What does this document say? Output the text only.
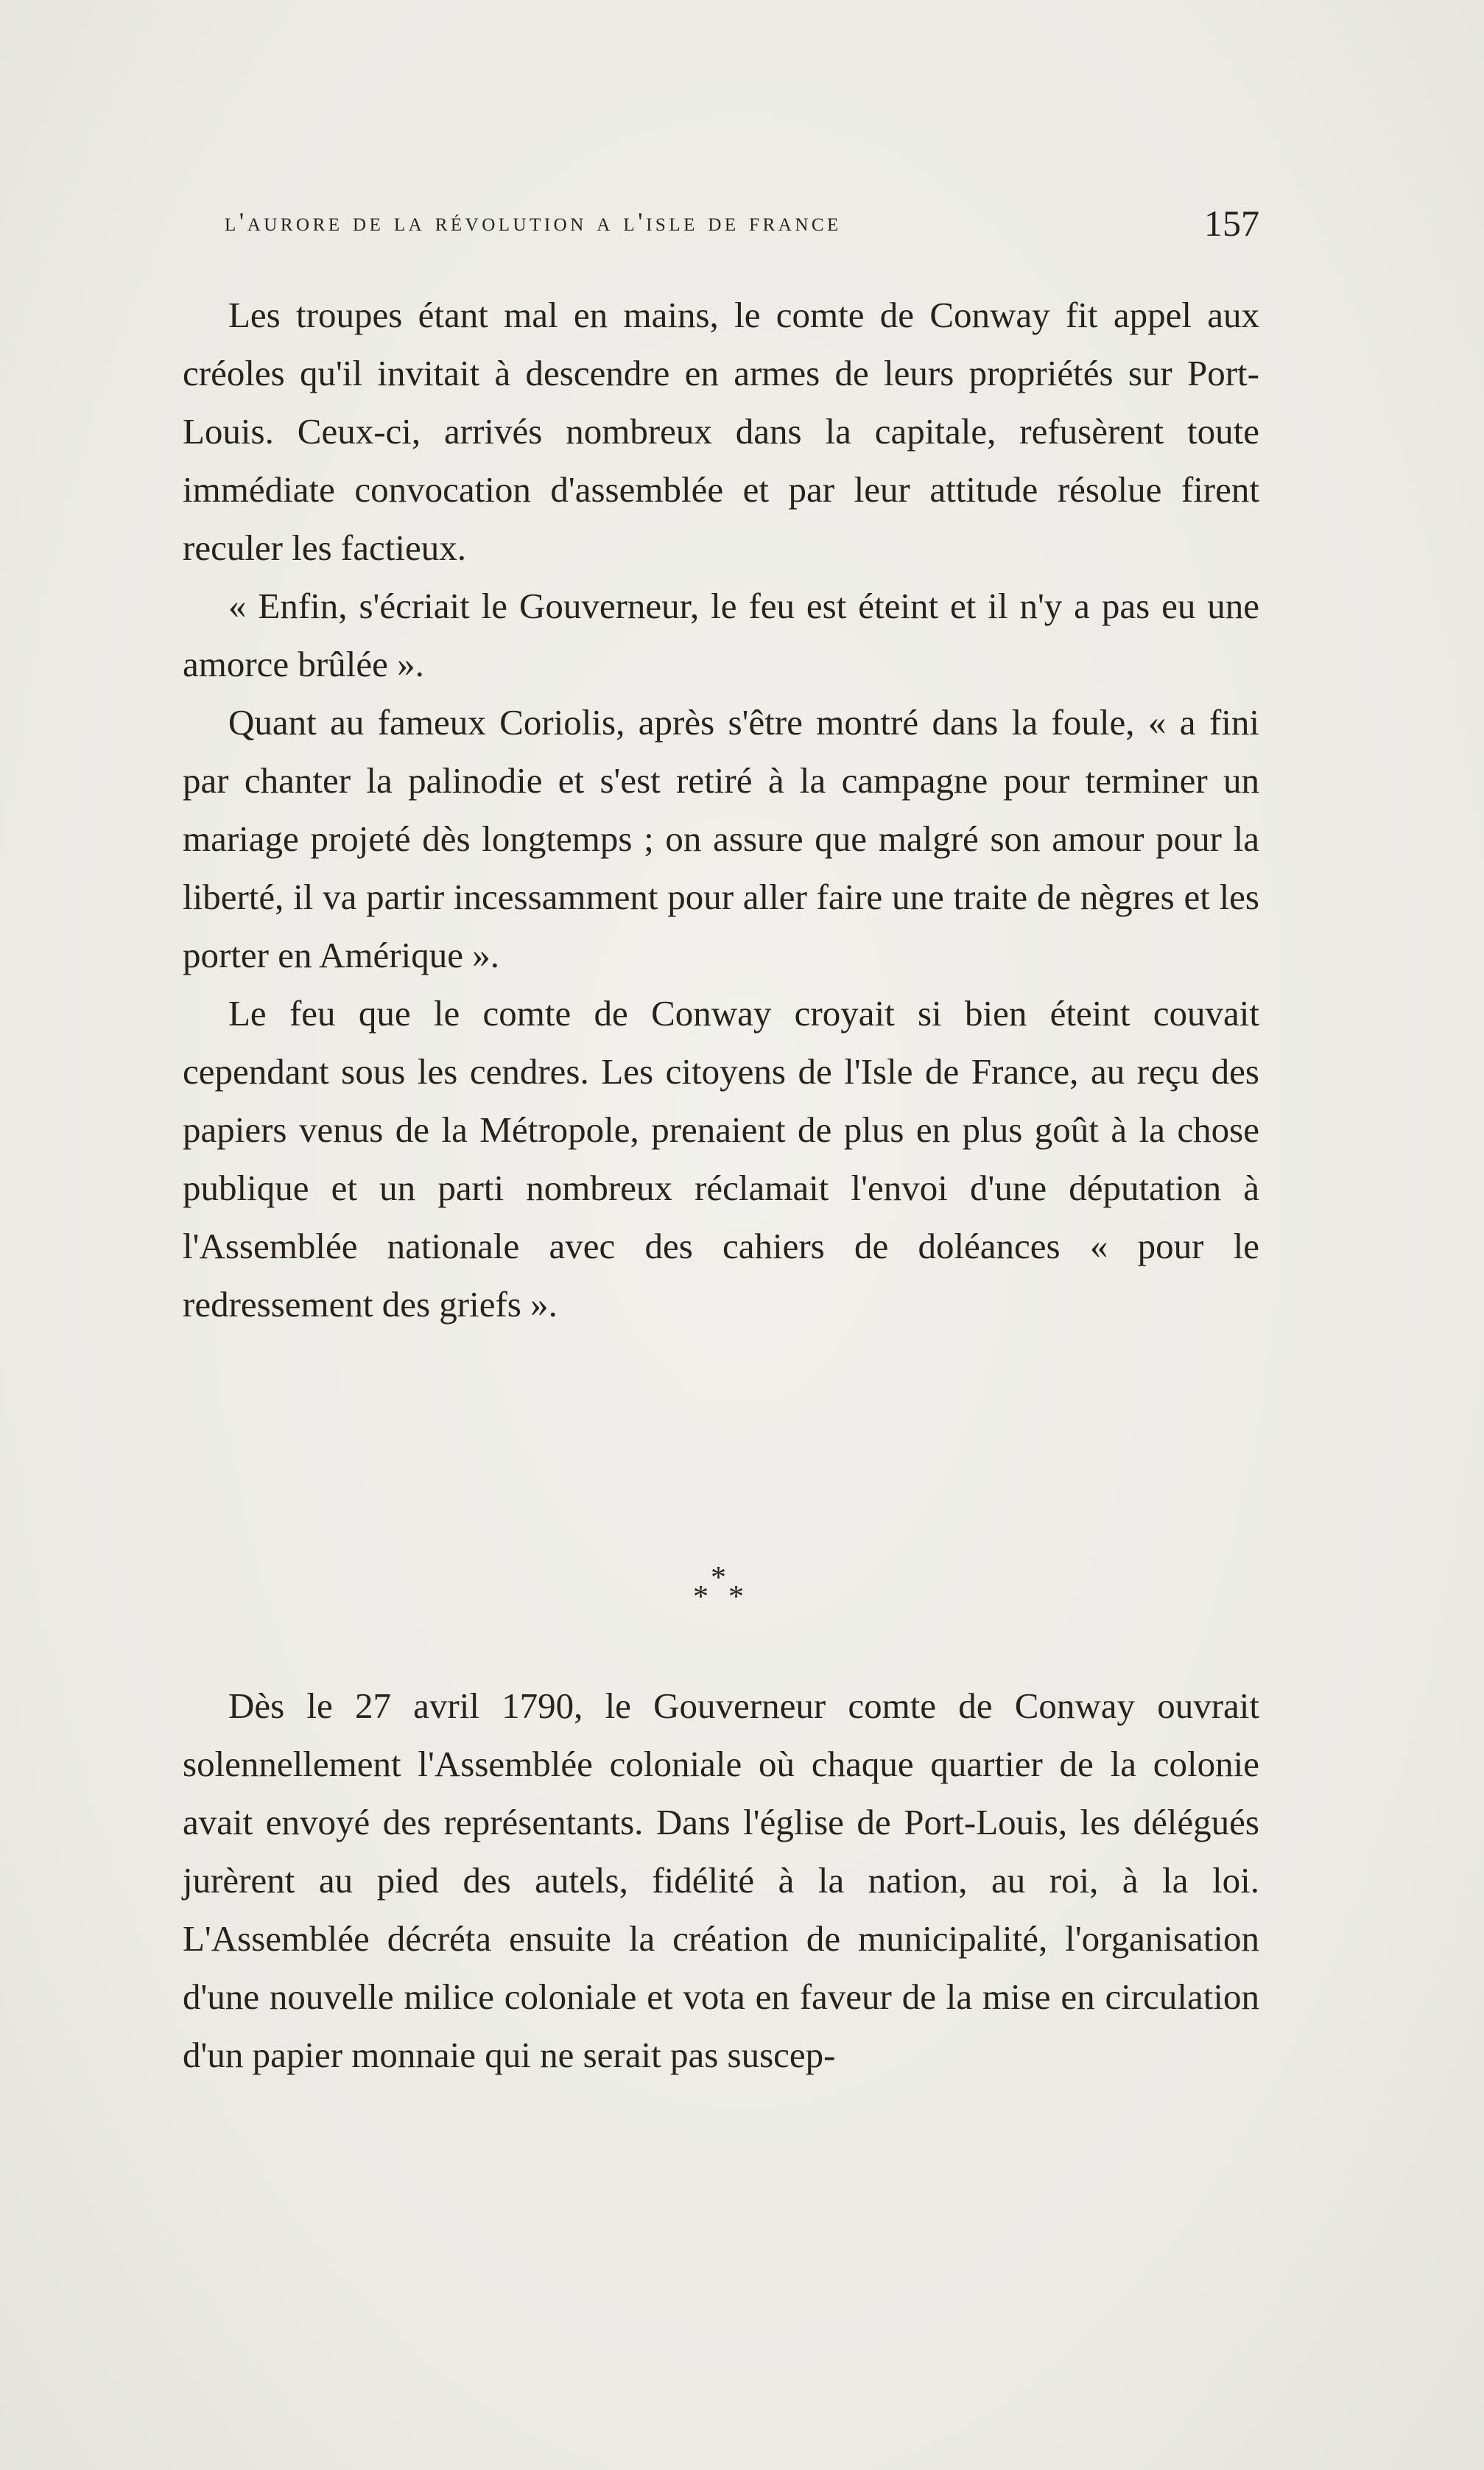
l'aurore de la révolution a l'isle de france	157

Les troupes étant mal en mains, le comte de Conway fit appel aux créoles qu'il invitait à descendre en armes de leurs propriétés sur Port-Louis. Ceux-ci, arrivés nombreux dans la capitale, refusèrent toute immédiate convocation d'assemblée et par leur attitude résolue firent reculer les factieux.

« Enfin, s'écriait le Gouverneur, le feu est éteint et il n'y a pas eu une amorce brûlée ».

Quant au fameux Coriolis, après s'être montré dans la foule, « a fini par chanter la palinodie et s'est retiré à la campagne pour terminer un mariage projeté dès longtemps ; on assure que malgré son amour pour la liberté, il va partir incessamment pour aller faire une traite de nègres et les porter en Amérique ».

Le feu que le comte de Conway croyait si bien éteint couvait cependant sous les cendres. Les citoyens de l'Isle de France, au reçu des papiers venus de la Métropole, prenaient de plus en plus goût à la chose publique et un parti nombreux réclamait l'envoi d'une députation à l'Assemblée nationale avec des cahiers de doléances « pour le redressement des griefs ».

*
* *

Dès le 27 avril 1790, le Gouverneur comte de Conway ouvrait solennellement l'Assemblée coloniale où chaque quartier de la colonie avait envoyé des représentants. Dans l'église de Port-Louis, les délégués jurèrent au pied des autels, fidélité à la nation, au roi, à la loi. L'Assemblée décréta ensuite la création de municipalité, l'organisation d'une nouvelle milice coloniale et vota en faveur de la mise en circulation d'un papier monnaie qui ne serait pas suscep-
